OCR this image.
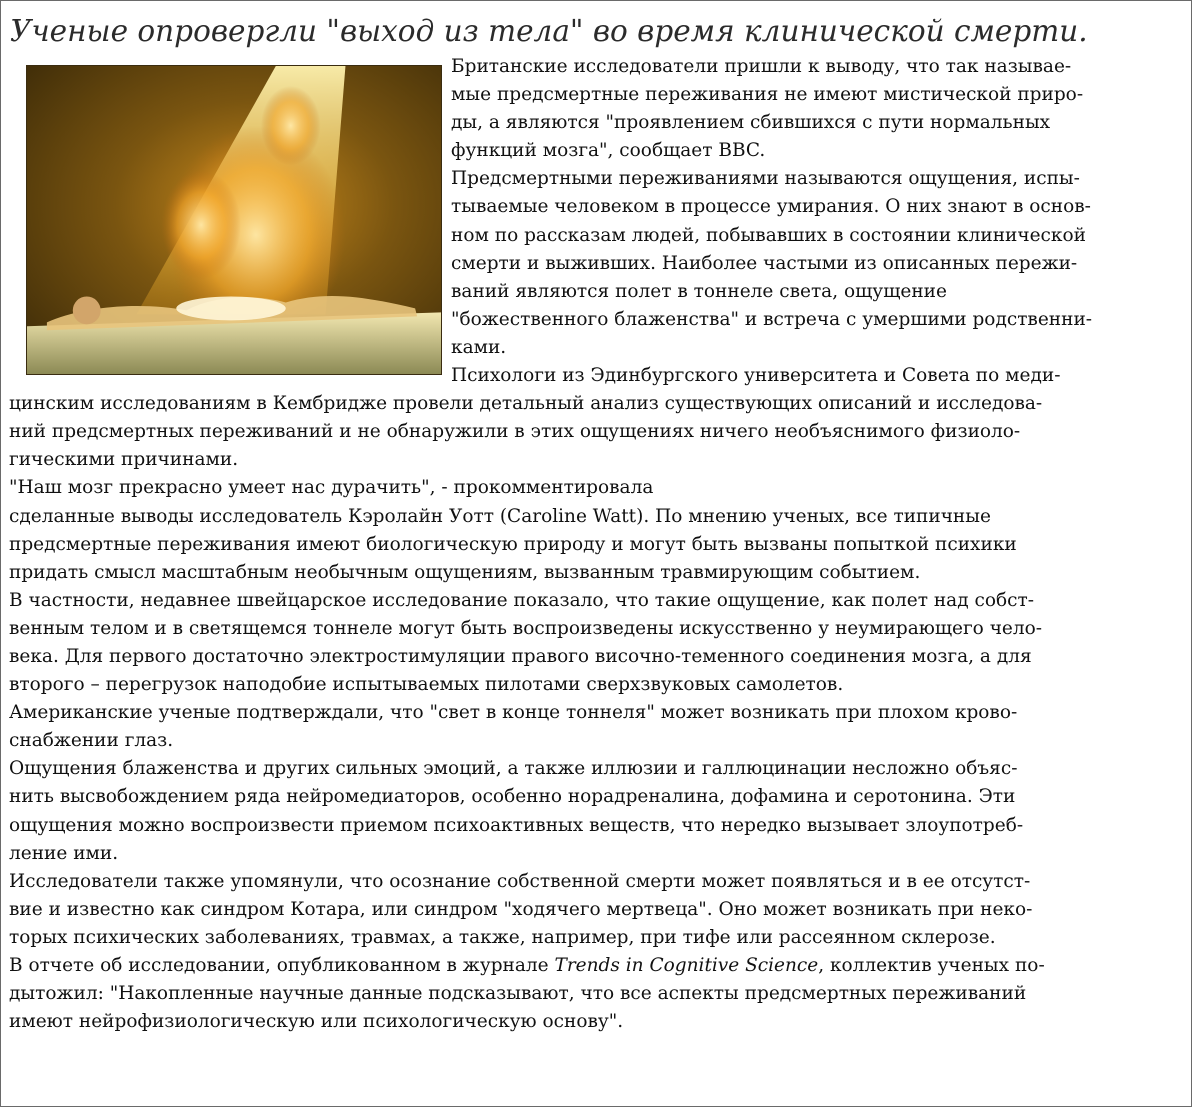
Ученые опровергли "выход из тела" во время клинической смерти.
Британские исследователи пришли к выводу, что так называе-
мые предсмертные переживания не имеют мистической приро-
ды, а являются "проявлением сбившихся с пути нормальных
функций мозга", сообщает BBC.
Предсмертными переживаниями называются ощущения, испы-
тываемые человеком в процессе умирания. О них знают в основ-
ном по рассказам людей, побывавших в состоянии клинической
смерти и выживших. Наиболее частыми из описанных пережи-
ваний являются полет в тоннеле света, ощущение
"божественного блаженства" и встреча с умершими родственни-
ками.
Психологи из Эдинбургского университета и Совета по меди-
цинским исследованиям в Кембридже провели детальный анализ существующих описаний и исследова-
ний предсмертных переживаний и не обнаружили в этих ощущениях ничего необъяснимого физиоло-
гическими причинами.
"Наш мозг прекрасно умеет нас дурачить", - прокомментировала
сделанные выводы исследователь Кэролайн Уотт (Caroline Watt). По мнению ученых, все типичные
предсмертные переживания имеют биологическую природу и могут быть вызваны попыткой психики
придать смысл масштабным необычным ощущениям, вызванным травмирующим событием.
В частности, недавнее швейцарское исследование показало, что такие ощущение, как полет над собст-
венным телом и в светящемся тоннеле могут быть воспроизведены искусственно у неумирающего чело-
века. Для первого достаточно электростимуляции правого височно-теменного соединения мозга, а для
второго – перегрузок наподобие испытываемых пилотами сверхзвуковых самолетов.
Американские ученые подтверждали, что "свет в конце тоннеля" может возникать при плохом крово-
снабжении глаз.
Ощущения блаженства и других сильных эмоций, а также иллюзии и галлюцинации несложно объяс-
нить высвобождением ряда нейромедиаторов, особенно норадреналина, дофамина и серотонина. Эти
ощущения можно воспроизвести приемом психоактивных веществ, что нередко вызывает злоупотреб-
ление ими.
Исследователи также упомянули, что осознание собственной смерти может появляться и в ее отсутст-
вие и известно как синдром Котара, или синдром "ходячего мертвеца". Оно может возникать при неко-
торых психических заболеваниях, травмах, а также, например, при тифе или рассеянном склерозе.
В отчете об исследовании, опубликованном в журнале Trends in Cognitive Science, коллектив ученых по-
дытожил: "Накопленные научные данные подсказывают, что все аспекты предсмертных переживаний
имеют нейрофизиологическую или психологическую основу".
